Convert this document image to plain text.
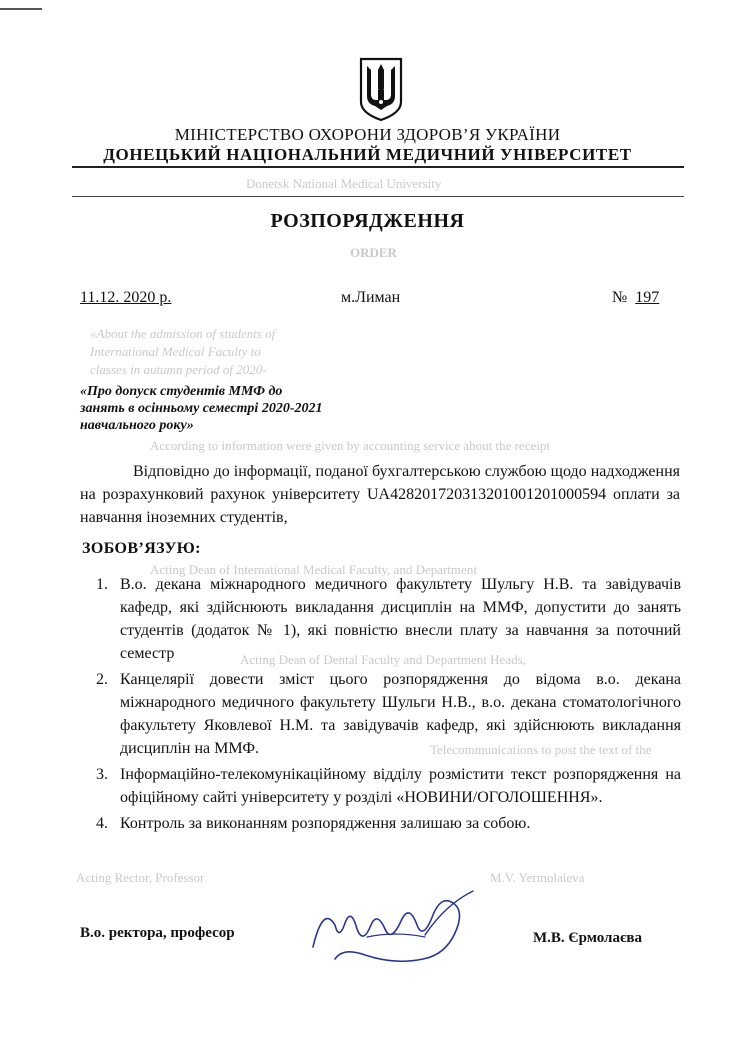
Donetsk National Medical University
ORDER
«About the admission of students of
International Medical Faculty to
classes in autumn period of 2020-
According to information were given by accounting service about the receipt
Acting Dean of International Medical Faculty, and Department
Acting Dean of Dental Faculty and Department Heads,
Telecommunications to post the text of the
Acting Rector, Professor	M.V. Yermolaieva
МІНІСТЕРСТВО ОХОРОНИ ЗДОРОВ’Я УКРАЇНИ
ДОНЕЦЬКИЙ НАЦІОНАЛЬНИЙ МЕДИЧНИЙ УНІВЕРСИТЕТ
РОЗПОРЯДЖЕННЯ
11.12. 2020 р.	м.Лиман	№ 197
«Про допуск студентів ММФ до
занять в осінньому семестрі 2020-2021
навчального року»
Відповідно до інформації, поданої бухгалтерською службою щодо надходження на розрахунковий рахунок університету UA428201720313201001201000594 оплати за навчання іноземних студентів,
ЗОБОВ’ЯЗУЮ:
1. В.о. декана міжнародного медичного факультету Шульгу Н.В. та завідувачів кафедр, які здійснюють викладання дисциплін на ММФ, допустити до занять студентів (додаток № 1), які повністю внесли плату за навчання за поточний семестр
2. Канцелярії довести зміст цього розпорядження до відома в.о. декана міжнародного медичного факультету Шульги Н.В., в.о. декана стоматологічного факультету Яковлевої Н.М. та завідувачів кафедр, які здійснюють викладання дисциплін на ММФ.
3. Інформаційно-телекомунікаційному відділу розмістити текст розпорядження на офіційному сайті університету у розділі «НОВИНИ/ОГОЛОШЕННЯ».
4. Контроль за виконанням розпорядження залишаю за собою.
В.о. ректора, професор	М.В. Єрмолаєва
